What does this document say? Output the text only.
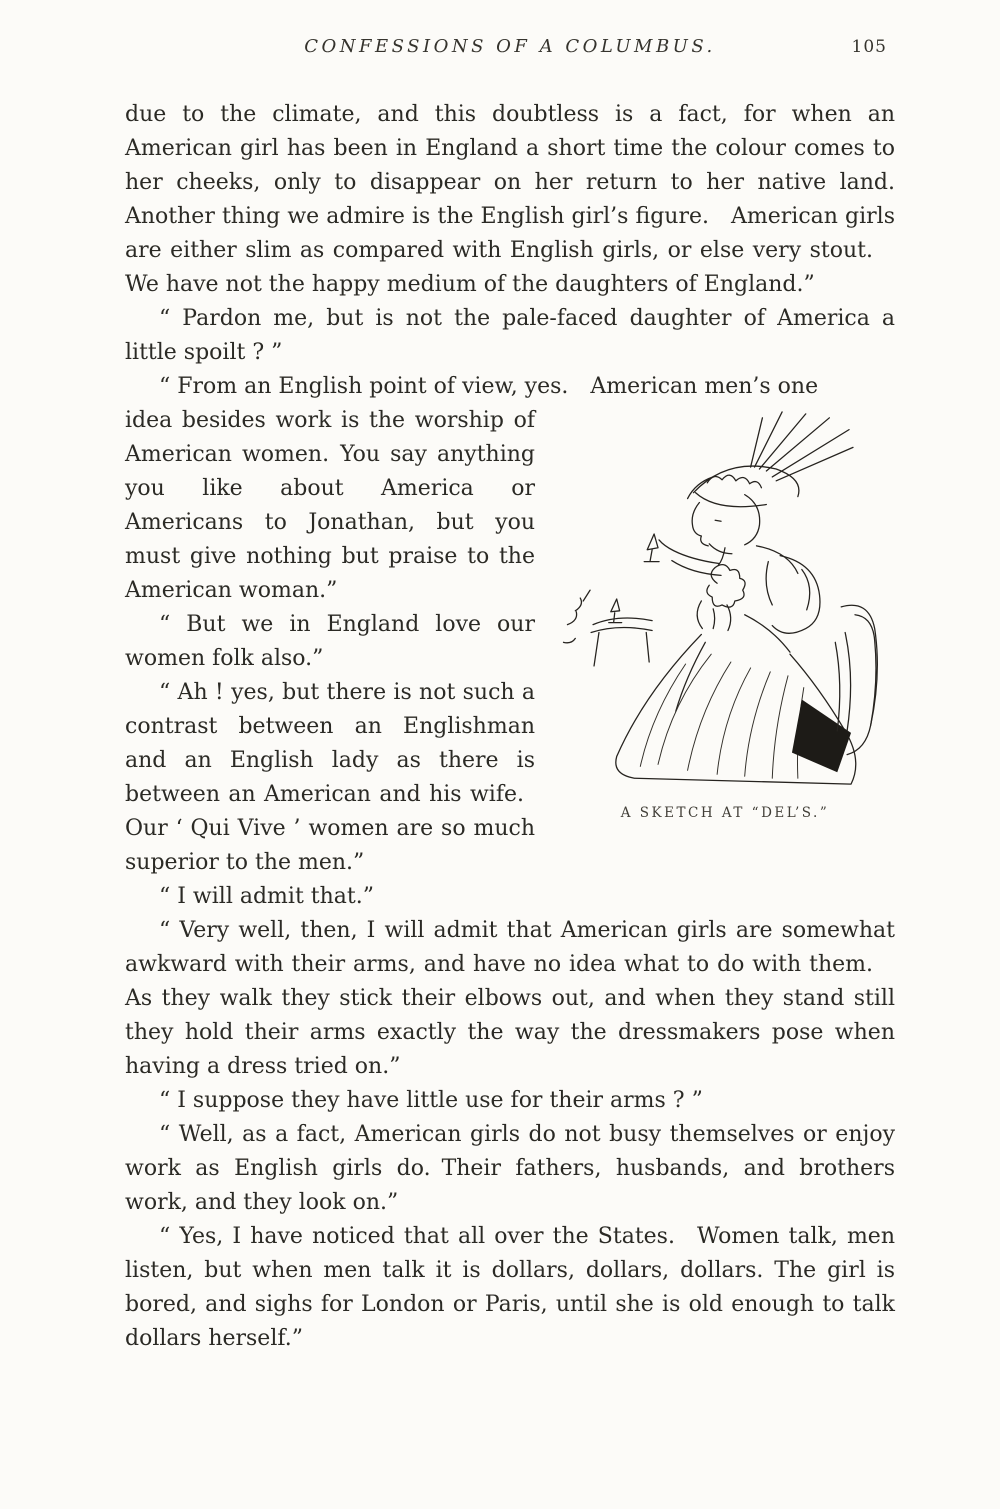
CONFESSIONS OF A COLUMBUS.	105

due to the climate, and this doubtless is a fact, for when an American girl has been in England a short time the colour comes to her cheeks, only to disappear on her return to her native land. Another thing we admire is the English girl’s figure. American girls are either slim as compared with English girls, or else very stout. We have not the happy medium of the daughters of England.”

“ Pardon me, but is not the pale-faced daughter of America a little spoilt ? ”

“ From an English point of view, yes. American men’s one

A SKETCH AT “DEL’S.”

idea besides work is the worship of American women. You say anything you like about America or Americans to Jonathan, but you must give nothing but praise to the American woman.”

“ But we in England love our women folk also.”

“ Ah ! yes, but there is not such a contrast between an Englishman and an English lady as there is between an American and his wife. Our ‘ Qui Vive ’ women are so much superior to the men.”

“ I will admit that.”

“ Very well, then, I will admit that American girls are somewhat awkward with their arms, and have no idea what to do with them. As they walk they stick their elbows out, and when they stand still they hold their arms exactly the way the dressmakers pose when having a dress tried on.”

“ I suppose they have little use for their arms ? ”

“ Well, as a fact, American girls do not busy themselves or enjoy work as English girls do. Their fathers, husbands, and brothers work, and they look on.”

“ Yes, I have noticed that all over the States. Women talk, men listen, but when men talk it is dollars, dollars, dollars. The girl is bored, and sighs for London or Paris, until she is old enough to talk dollars herself.”
